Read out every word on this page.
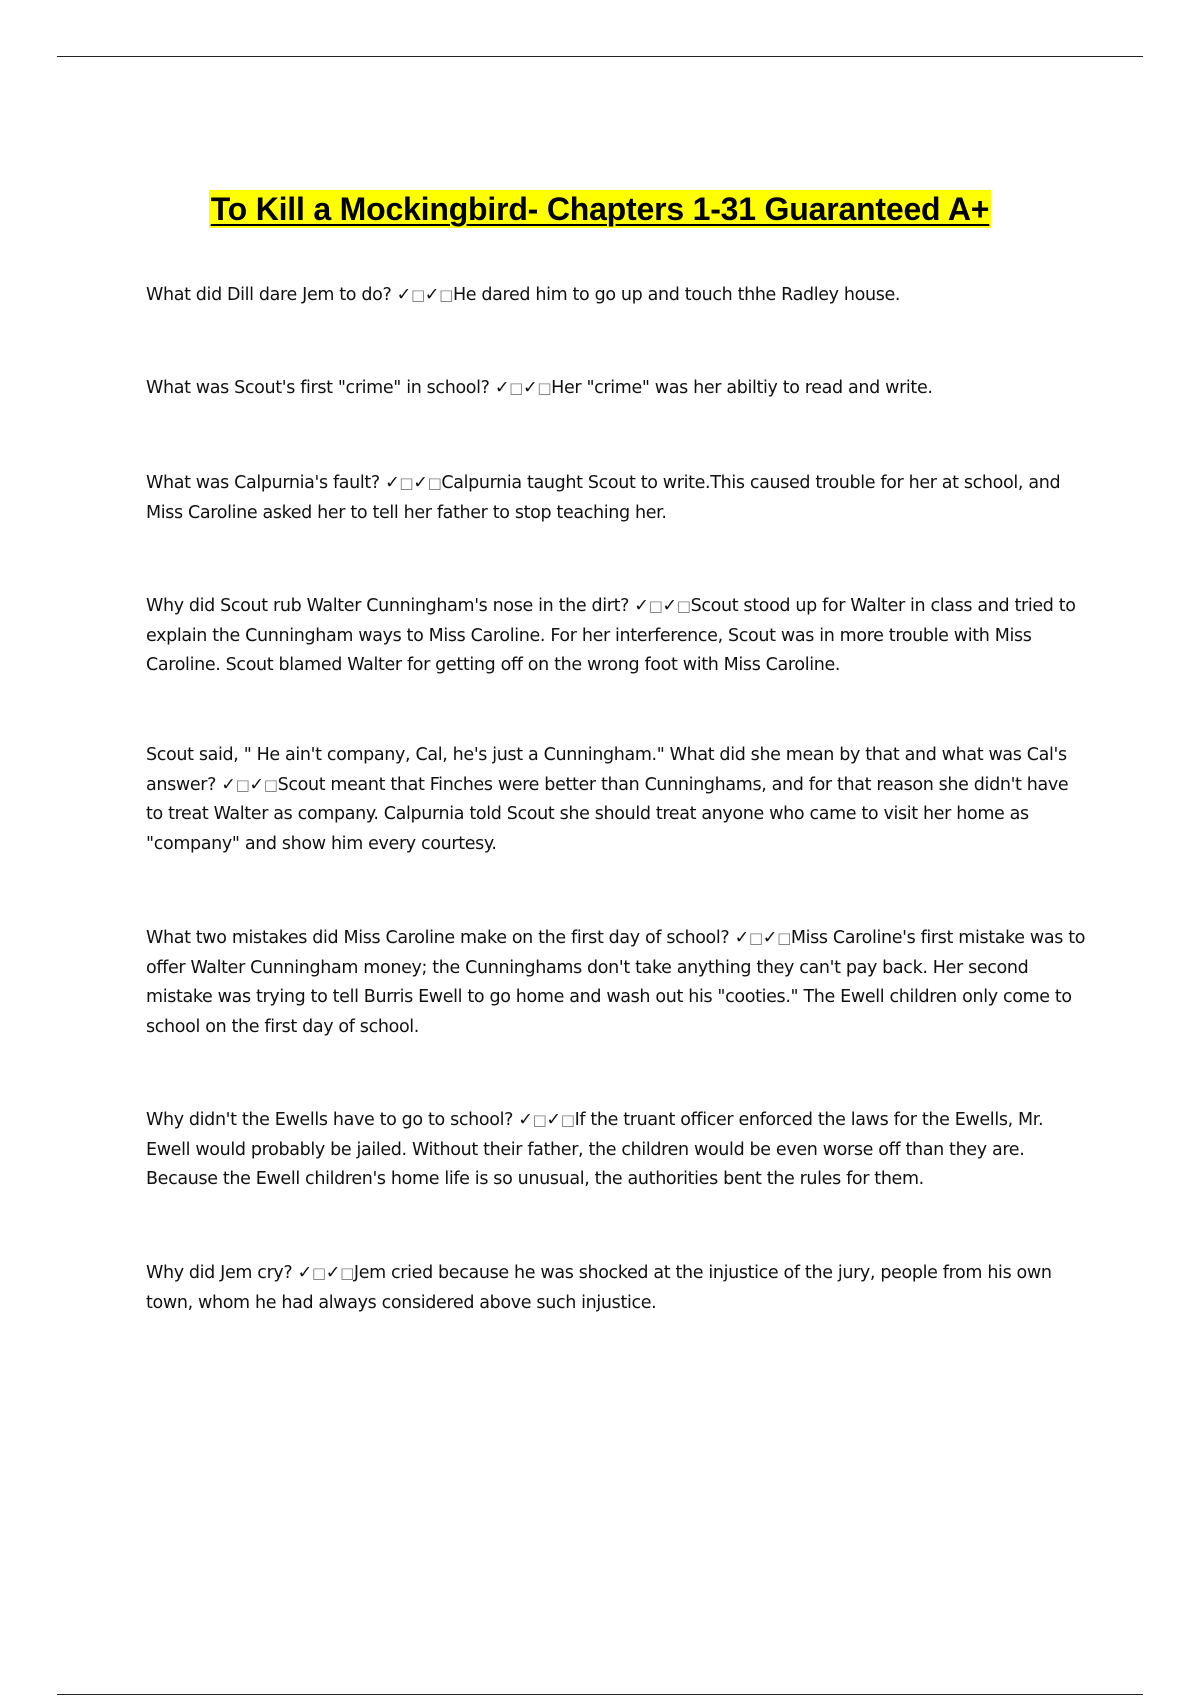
To Kill a Mockingbird- Chapters 1-31 Guaranteed A+
What did Dill dare Jem to do? ✓□✓□He dared him to go up and touch thhe Radley house.
What was Scout's first "crime" in school? ✓□✓□Her "crime" was her abiltiy to read and write.
What was Calpurnia's fault? ✓□✓□Calpurnia taught Scout to write.This caused trouble for her at school, and Miss Caroline asked her to tell her father to stop teaching her.
Why did Scout rub Walter Cunningham's nose in the dirt? ✓□✓□Scout stood up for Walter in class and tried to explain the Cunningham ways to Miss Caroline. For her interference, Scout was in more trouble with Miss Caroline. Scout blamed Walter for getting off on the wrong foot with Miss Caroline.
Scout said, " He ain't company, Cal, he's just a Cunningham." What did she mean by that and what was Cal's answer? ✓□✓□Scout meant that Finches were better than Cunninghams, and for that reason she didn't have to treat Walter as company. Calpurnia told Scout she should treat anyone who came to visit her home as "company" and show him every courtesy.
What two mistakes did Miss Caroline make on the first day of school? ✓□✓□Miss Caroline's first mistake was to offer Walter Cunningham money; the Cunninghams don't take anything they can't pay back. Her second mistake was trying to tell Burris Ewell to go home and wash out his "cooties." The Ewell children only come to school on the first day of school.
Why didn't the Ewells have to go to school? ✓□✓□If the truant officer enforced the laws for the Ewells, Mr. Ewell would probably be jailed. Without their father, the children would be even worse off than they are. Because the Ewell children's home life is so unusual, the authorities bent the rules for them.
Why did Jem cry? ✓□✓□Jem cried because he was shocked at the injustice of the jury, people from his own town, whom he had always considered above such injustice.
